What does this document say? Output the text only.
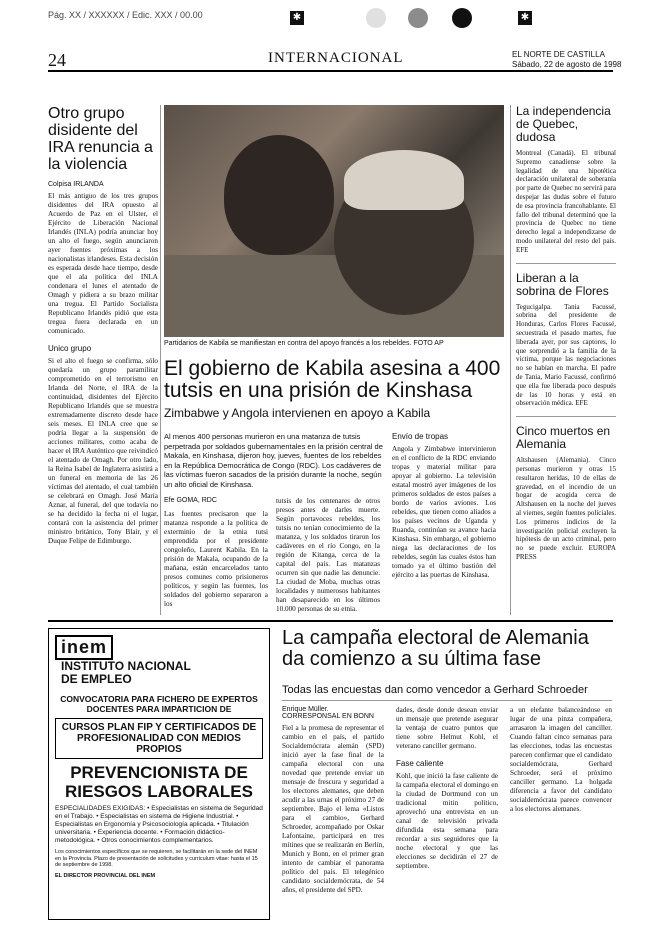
Pág. XX / XXXXXX / Edic. XXX / 00.00	✱	✱
24	INTERNACIONAL	EL NORTE DE CASTILLA
Sábado, 22 de agosto de 1998
Otro grupo disidente del IRA renuncia a la violencia
Colpisa IRLANDA

El más antiguo de los tres grupos disidentes del IRA opuesto al Acuerdo de Paz en el Ulster, el Ejército de Liberación Nacional Irlandés (INLA) podría anunciar hoy un alto el fuego, según anunciaron ayer fuentes próximas a los nacionalistas irlandeses. Esta decisión es esperada desde hace tiempo, desde que el ala política del INLA condenara el lunes el atentado de Omagh y pidiera a su brazo militar una tregua. El Partido Socialista Republicano Irlandés pidió que esta tregua fuera declarada en un comunicado.

Unico grupo

Si el alto el fuego se confirma, sólo quedaría un grupo paramilitar comprometido en el terrorismo en Irlanda del Norte, el IRA de la continuidad, disidentes del Ejército Republicano Irlandés que se muestra extremadamente discreto desde hace seis meses. El INLA cree que se podría llegar a la suspensión de acciones militares, como acaba de hacer el IRA Auténtico que reivindicó el atentado de Omagh. Por otro lado, la Reina Isabel de Inglaterra asistirá a un funeral en memoria de las 26 víctimas del atentado, el cual también se celebrará en Omagh. José María Aznar, al funeral, del que todavía no se ha decidido la fecha ni el lugar, contará con la asistencia del primer ministro británico, Tony Blair, y el Duque Felipe de Edimburgo.

Partidarios de Kabila se manifiestan en contra del apoyo francés a los rebeldes. FOTO AP
El gobierno de Kabila asesina a 400 tutsis en una prisión de Kinshasa
Zimbabwe y Angola intervienen en apoyo a Kabila
Al menos 400 personas murieron en una matanza de tutsis perpetrada por soldados gubernamentales en la prisión central de Makala, en Kinshasa, dijeron hoy, jueves, fuentes de los rebeldes en la República Democrática de Congo (RDC). Los cadáveres de las víctimas fueron sacados de la prisión durante la noche, según un alto oficial de Kinshasa.
Efe GOMA, RDC

Las fuentes precisaron que la matanza responde a la política de exterminio de la etnia tutsi emprendida por el presidente congoleño, Laurent Kabila. En la prisión de Makala, ocupando de la mañana, están encarcelados tanto presos comunes como prisioneros políticos, y según las fuentes, los soldados del gobierno separaron a los

tutsis de los centenares de otros presos antes de darles muerte. Según portavoces rebeldes, los tutsis no tenían conocimiento de la matanza, y los soldados tiraron los cadáveres en el río Congo, en la región de Kitanga, cerca de la capital del país. Las matanzas ocurren sin que nadie las denuncie. La ciudad de Moba, muchas otras localidades y numerosos habitantes han desaparecido en los últimos 10.000 personas de su etnia.

Envío de tropas

Angola y Zimbabwe intervinieron en el conflicto de la RDC enviando tropas y material militar para apoyar al gobierno. La televisión estatal mostró ayer imágenes de los primeros soldados de estos países a bordo de varios aviones. Los rebeldes, que tienen como aliados a los países vecinos de Uganda y Ruanda, continúan su avance hacia Kinshasa. Sin embargo, el gobierno niega las declaraciones de los rebeldes, según las cuales éstos han tomado ya el último bastión del ejército a las puertas de Kinshasa.

La independencia de Quebec, dudosa

Montreal (Canadá). El tribunal Supremo canadiense sobre la legalidad de una hipotética declaración unilateral de soberanía por parte de Quebec no servirá para despejar las dudas sobre el futuro de esa provincia francohablante. El fallo del tribunal determinó que la provincia de Quebec no tiene derecho legal a independizarse de modo unilateral del resto del país. EFE

Liberan a la sobrina de Flores

Tegucigalpa. Tania Facussé, sobrina del presidente de Honduras, Carlos Flores Facussé, secuestrada el pasado martes, fue liberada ayer, por sus captores, lo que sorprendió a la familia de la víctima, porque las negociaciones no se habían en marcha. El padre de Tania, Mario Facussé, confirmó que ella fue liberada poco después de las 10 horas y está en observación médica. EFE

Cinco muertos en Alemania

Altshausen (Alemania). Cinco personas murieron y otras 15 resultaron heridas, 10 de ellas de gravedad, en el incendio de un hogar de acogida cerca de Altshausen en la noche del jueves al viernes, según fuentes policiales. Los primeros indicios de la investigación policial excluyen la hipótesis de un acto criminal, pero no se puede excluir. EUROPA PRESS

inem INSTITUTO NACIONAL DE EMPLEO
CONVOCATORIA PARA FICHERO DE EXPERTOS DOCENTES PARA IMPARTICION DE
CURSOS PLAN FIP Y CERTIFICADOS DE PROFESIONALIDAD CON MEDIOS PROPIOS
PREVENCIONISTA DE RIESGOS LABORALES
ESPECIALIDADES EXIGIDAS: • Especialistas en sistema de Seguridad en el Trabajo. • Especialistas en sistema de Higiene Industrial. • Especialistas en Ergonomía y Psicosociología aplicada. • Titulación universitaria. • Experiencia docente. • Formación didáctico-metodológica. • Otros conocimientos complementarios.
Los conocimientos específicos que se requieren, se facilitarán en la sede del INEM en la Provincia. Plazo de presentación de solicitudes y curriculum vitae: hasta el 15 de septiembre de 1998.
EL DIRECTOR PROVINCIAL DEL INEM
La campaña electoral de Alemania da comienzo a su última fase
Todas las encuestas dan como vencedor a Gerhard Schroeder
Enrique Müller. CORRESPONSAL EN BONN

Fiel a la promesa de representar el cambio en el país, el partido Socialdemócrata alemán (SPD) inició ayer la fase final de la campaña electoral con una novedad que pretende enviar un mensaje de frescura y seguridad a los electores alemanes, que deben acudir a las urnas el próximo 27 de septiembre. Bajo el lema «Listos para el cambio», Gerhard Schroeder, acompañado por Oskar Lafontaine, participará en tres mítines que se realizarán en Berlín, Munich y Bonn, en el primer gran intento de cambiar el panorama político del país. El telegénico candidato socialdemócrata, de 54 años, el presidente del SPD.

dades, desde donde desean enviar un mensaje que pretende asegurar la ventaja de cuatro puntos que tiene sobre Helmut Kohl, el veterano canciller germano.

Fase caliente

Kohl, que inició la fase caliente de la campaña electoral el domingo en la ciudad de Dortmund con un tradicional mitin político, aprovechó una entrevista en un canal de televisión privada difundida esta semana para recordar a sus seguidores que la noche electoral y que las elecciones se decidirán el 27 de septiembre.

a un elefante balanceándose en lugar de una pinza compañera, arrasaron la imagen del canciller. Cuando faltan cinco semanas para las elecciones, todas las encuestas parecen confirmar que el candidato socialdemócrata, Gerhard Schroeder, será el próximo canciller germano. La holgada diferencia a favor del candidato socialdemócrata parece convencer a los electores alemanes.
